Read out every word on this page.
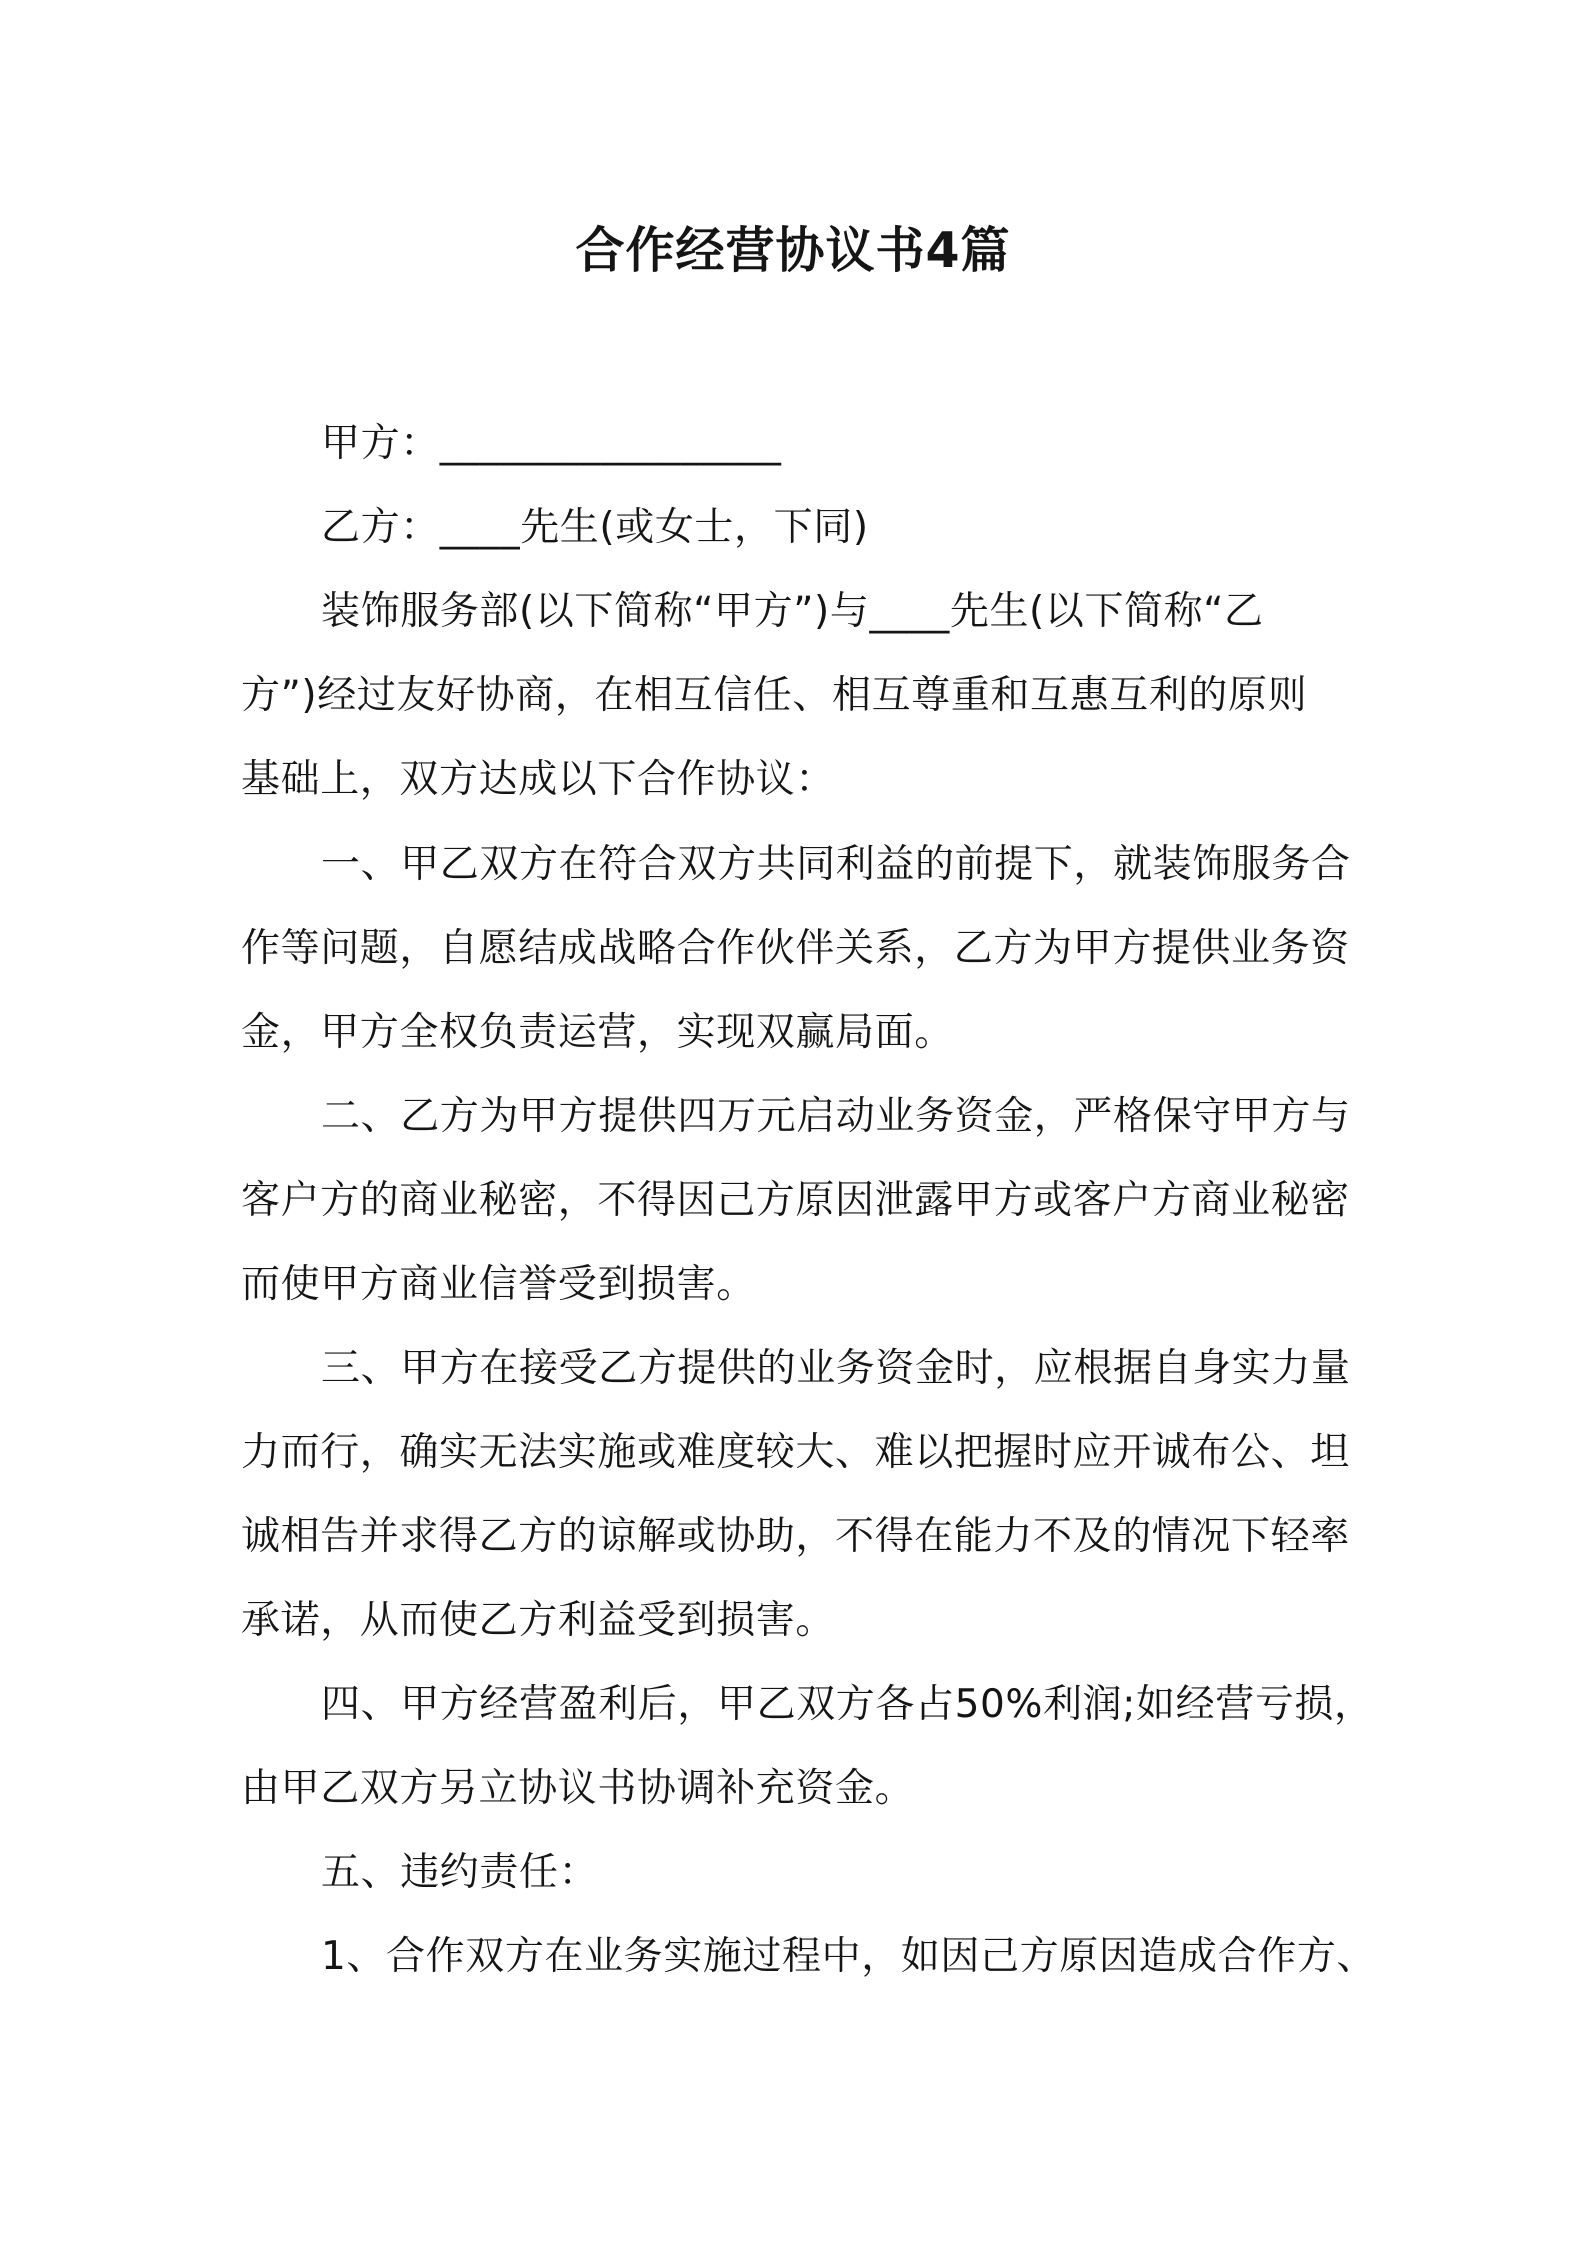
合作经营协议书4篇
甲方：_________________
乙方：____先生(或女士，下同)
装饰服务部(以下简称“甲方”)与____先生(以下简称“乙
方”)经过友好协商，在相互信任、相互尊重和互惠互利的原则
基础上，双方达成以下合作协议：
一、甲乙双方在符合双方共同利益的前提下，就装饰服务合
作等问题，自愿结成战略合作伙伴关系，乙方为甲方提供业务资
金，甲方全权负责运营，实现双赢局面。
二、乙方为甲方提供四万元启动业务资金，严格保守甲方与
客户方的商业秘密，不得因己方原因泄露甲方或客户方商业秘密
而使甲方商业信誉受到损害。
三、甲方在接受乙方提供的业务资金时，应根据自身实力量
力而行，确实无法实施或难度较大、难以把握时应开诚布公、坦
诚相告并求得乙方的谅解或协助，不得在能力不及的情况下轻率
承诺，从而使乙方利益受到损害。
四、甲方经营盈利后，甲乙双方各占50%利润;如经营亏损，
由甲乙双方另立协议书协调补充资金。
五、违约责任：
1、合作双方在业务实施过程中，如因己方原因造成合作方、
